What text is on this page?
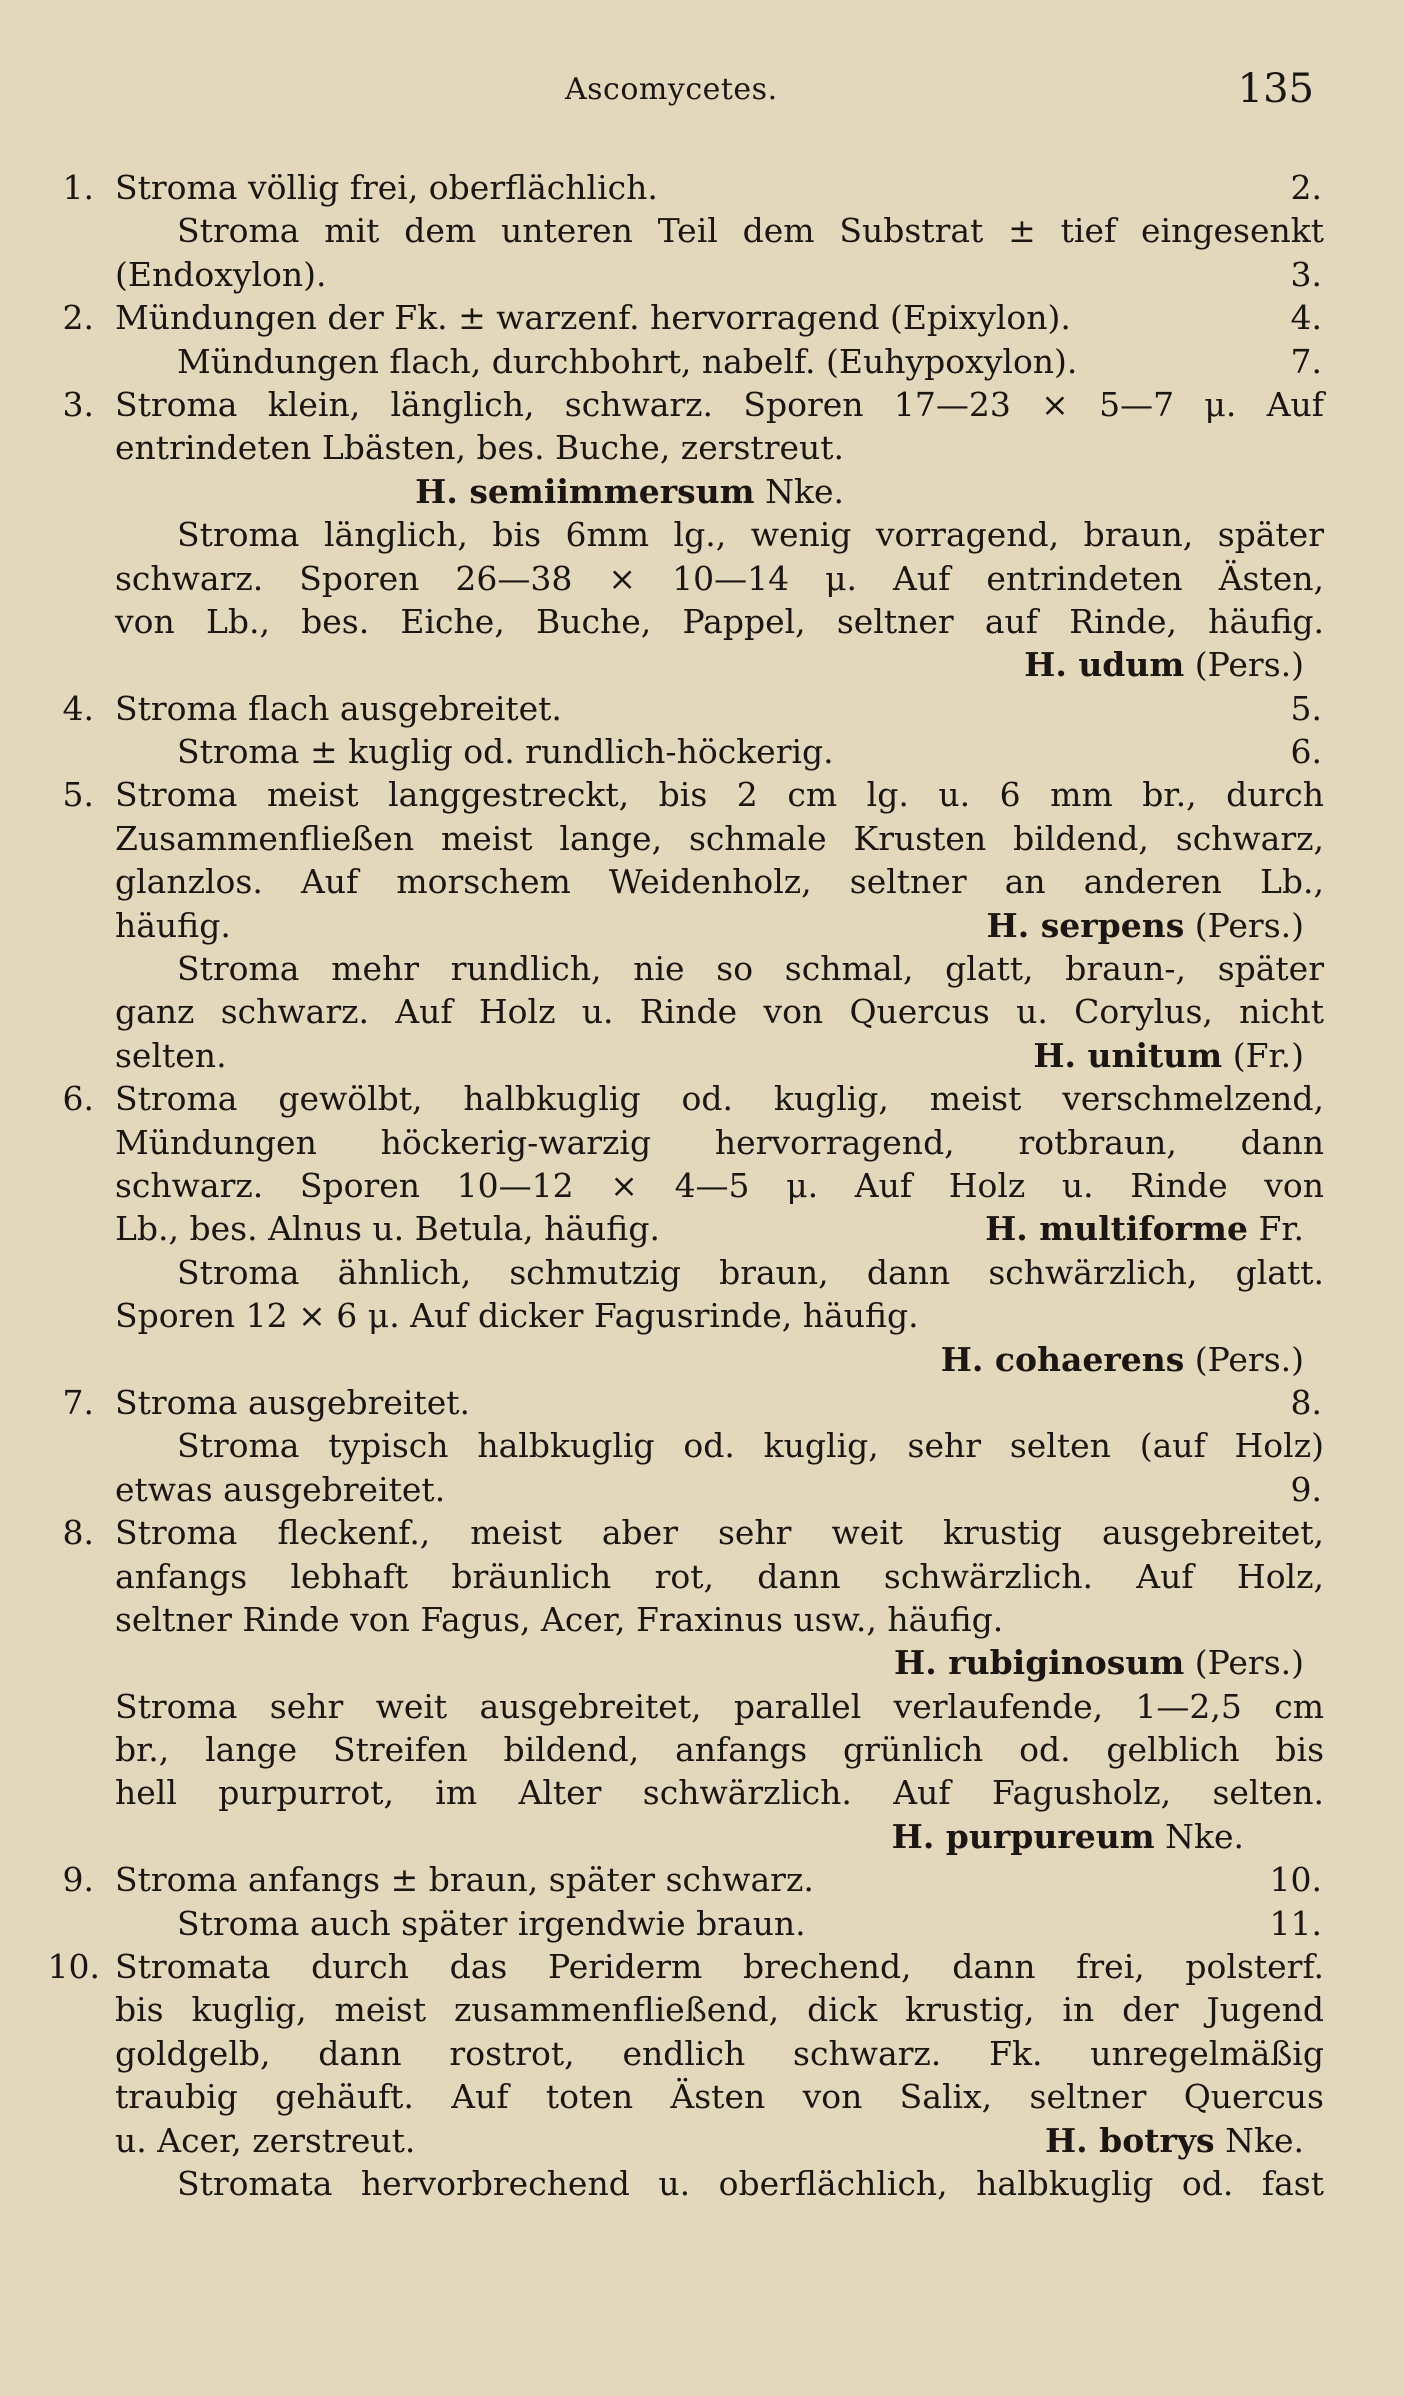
Ascomycetes.	135
1. Stroma völlig frei, oberflächlich.	2.
Stroma mit dem unteren Teil dem Substrat ± tief eingesenkt
(Endoxylon).	3.
2. Mündungen der Fk. ± warzenf. hervorragend (Epixylon).	4.
Mündungen flach, durchbohrt, nabelf. (Euhypoxylon).	7.
3. Stroma klein, länglich, schwarz. Sporen 17—23 × 5—7 μ. Auf
entrindeten Lbästen, bes. Buche, zerstreut.
H. semiimmersum Nke.
Stroma länglich, bis 6mm lg., wenig vorragend, braun, später
schwarz. Sporen 26—38 × 10—14 μ. Auf entrindeten Ästen,
von Lb., bes. Eiche, Buche, Pappel, seltner auf Rinde, häufig.
H. udum (Pers.)
4. Stroma flach ausgebreitet.	5.
Stroma ± kuglig od. rundlich-höckerig.	6.
5. Stroma meist langgestreckt, bis 2 cm lg. u. 6 mm br., durch
Zusammenfließen meist lange, schmale Krusten bildend, schwarz,
glanzlos. Auf morschem Weidenholz, seltner an anderen Lb.,
häufig.	H. serpens (Pers.)
Stroma mehr rundlich, nie so schmal, glatt, braun-, später
ganz schwarz. Auf Holz u. Rinde von Quercus u. Corylus, nicht
selten.	H. unitum (Fr.)
6. Stroma gewölbt, halbkuglig od. kuglig, meist verschmelzend,
Mündungen höckerig-warzig hervorragend, rotbraun, dann
schwarz. Sporen 10—12 × 4—5 μ. Auf Holz u. Rinde von
Lb., bes. Alnus u. Betula, häufig.	H. multiforme Fr.
Stroma ähnlich, schmutzig braun, dann schwärzlich, glatt.
Sporen 12 × 6 μ. Auf dicker Fagusrinde, häufig.
H. cohaerens (Pers.)
7. Stroma ausgebreitet.	8.
Stroma typisch halbkuglig od. kuglig, sehr selten (auf Holz)
etwas ausgebreitet.	9.
8. Stroma fleckenf., meist aber sehr weit krustig ausgebreitet,
anfangs lebhaft bräunlich rot, dann schwärzlich. Auf Holz,
seltner Rinde von Fagus, Acer, Fraxinus usw., häufig.
H. rubiginosum (Pers.)
Stroma sehr weit ausgebreitet, parallel verlaufende, 1—2,5 cm
br., lange Streifen bildend, anfangs grünlich od. gelblich bis
hell purpurrot, im Alter schwärzlich. Auf Fagusholz, selten.
H. purpureum Nke.
9. Stroma anfangs ± braun, später schwarz.	10.
Stroma auch später irgendwie braun.	11.
10. Stromata durch das Periderm brechend, dann frei, polsterf.
bis kuglig, meist zusammenfließend, dick krustig, in der Jugend
goldgelb, dann rostrot, endlich schwarz. Fk. unregelmäßig
traubig gehäuft. Auf toten Ästen von Salix, seltner Quercus
u. Acer, zerstreut.	H. botrys Nke.
Stromata hervorbrechend u. oberflächlich, halbkuglig od. fast
